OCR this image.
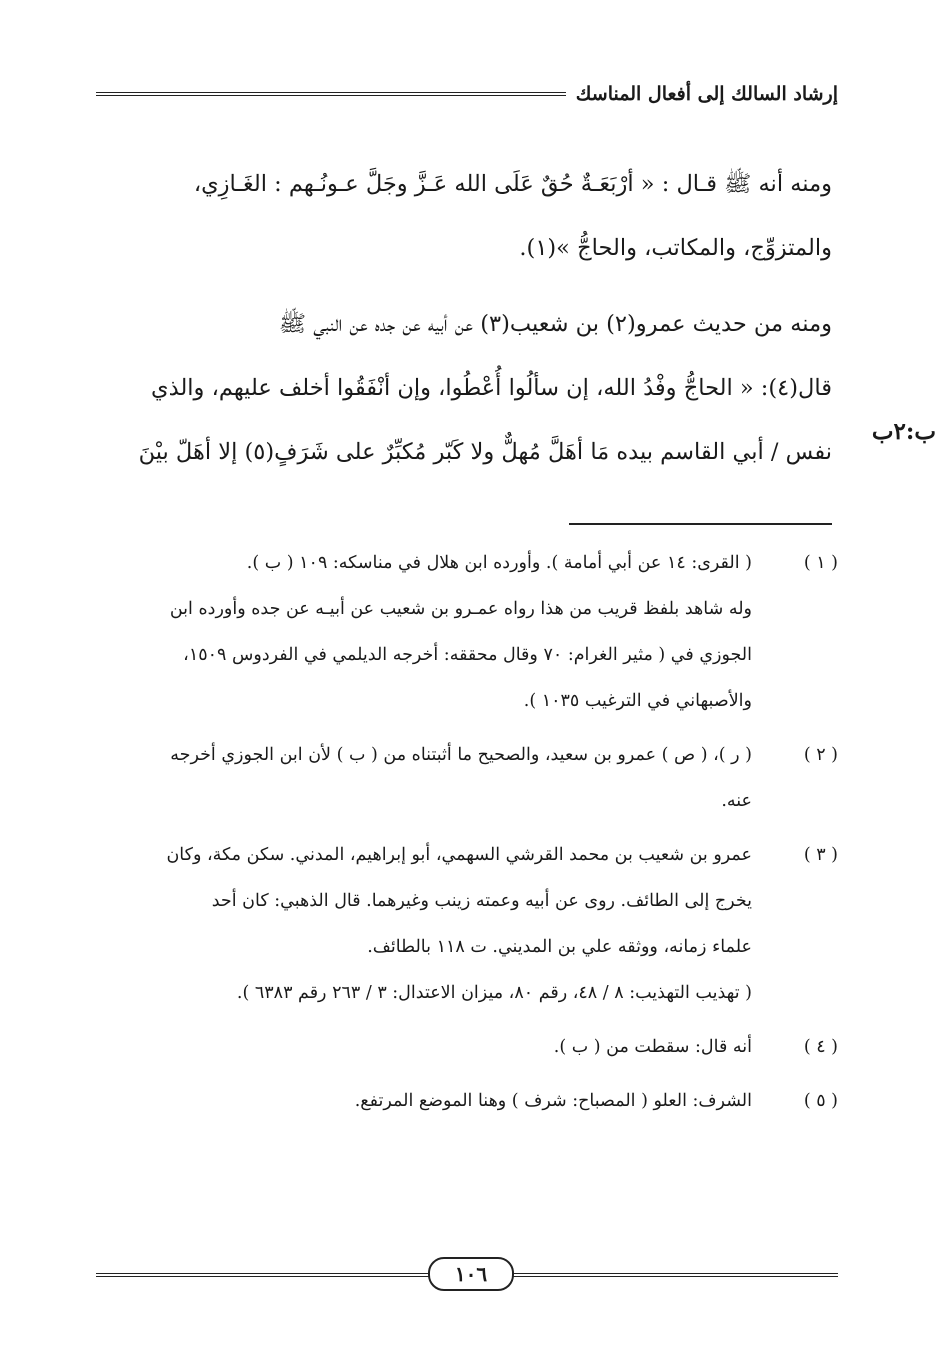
إرشاد السالك إلى أفعال المناسك

ومنه أنه ﷺ قـال : « أرْبَعَـةٌ حُقٌ عَلَى الله عَـزَّ وجَلَّ عـونُـهم : الغَـازِي،
والمتزوِّج، والمكاتب، والحاجُّ »(١).

ومنه من حديث عمرو(٢) بن شعيب(٣) عن أبيه عن جده عن النبي ﷺ
قال(٤): « الحاجُّ وفْدُ الله، إن سألُوا أُعْطُوا، وإن أنْفَقُوا أخلف عليهم، والذي
نفس / أبي القاسم بيده مَا أهَلَّ مُهلٌّ ولا كَبّر مُكبِّرٌ على شَرَفٍ(٥) إلا أهَلّ بيْنَ

ب:٢ب
( ١ )

( القرى: ١٤ عن أبي أمامة ). وأورده ابن هلال في مناسكه: ١٠٩ ( ب ).

وله شاهد بلفظ قريب من هذا رواه عمـرو بن شعيب عن أبيـه عن جده وأورده ابن

الجوزي في ( مثير الغرام: ٧٠ وقال محققه: أخرجه الديلمي في الفردوس ١٥٠٩،

والأصبهاني في الترغيب ١٠٣٥ ).

( ٢ )

( ر )، ( ص ) عمرو بن سعيد، والصحيح ما أثبتناه من ( ب ) لأن ابن الجوزي أخرجه

عنه.

( ٣ )

عمرو بن شعيب بن محمد القرشي السهمي، أبو إبراهيم، المدني. سكن مكة، وكان

يخرج إلى الطائف. روى عن أبيه وعمته زينب وغيرهما. قال الذهبي: كان أحد

علماء زمانه، ووثقه علي بن المديني. ت ١١٨ بالطائف.

( تهذيب التهذيب: ٨ / ٤٨، رقم ٨٠، ميزان الاعتدال: ٣ / ٢٦٣ رقم ٦٣٨٣ ).

( ٤ )

أنه قال: سقطت من ( ب ).

( ٥ )

الشرف: العلو ( المصباح: شرف ) وهنا الموضع المرتفع.

١٠٦
